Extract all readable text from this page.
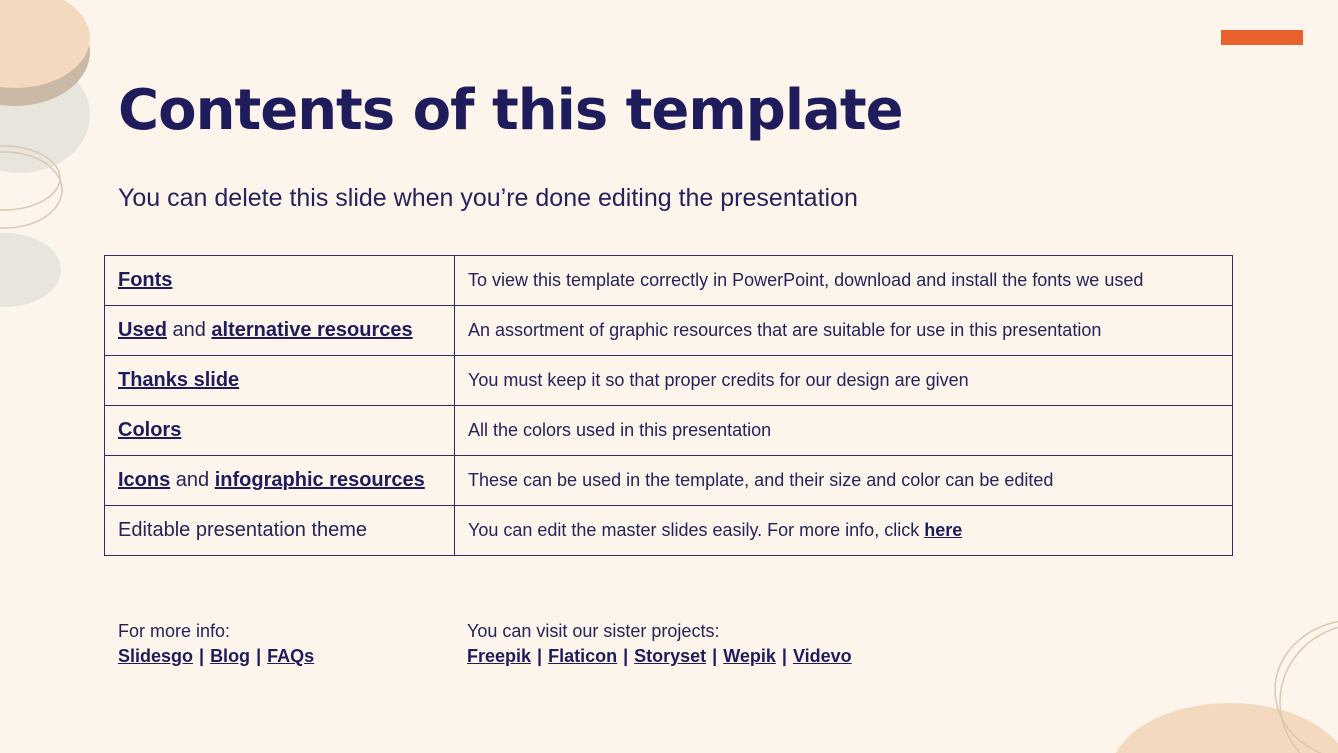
Contents of this template

You can delete this slide when you’re done editing the presentation

Fonts	To view this template correctly in PowerPoint, download and install the fonts we used
Used and alternative resources	An assortment of graphic resources that are suitable for use in this presentation
Thanks slide	You must keep it so that proper credits for our design are given
Colors	All the colors used in this presentation
Icons and infographic resources	These can be used in the template, and their size and color can be edited
Editable presentation theme	You can edit the master slides easily. For more info, click here

For more info:

Slidesgo | Blog | FAQs

You can visit our sister projects:

Freepik | Flaticon | Storyset | Wepik | Videvo
